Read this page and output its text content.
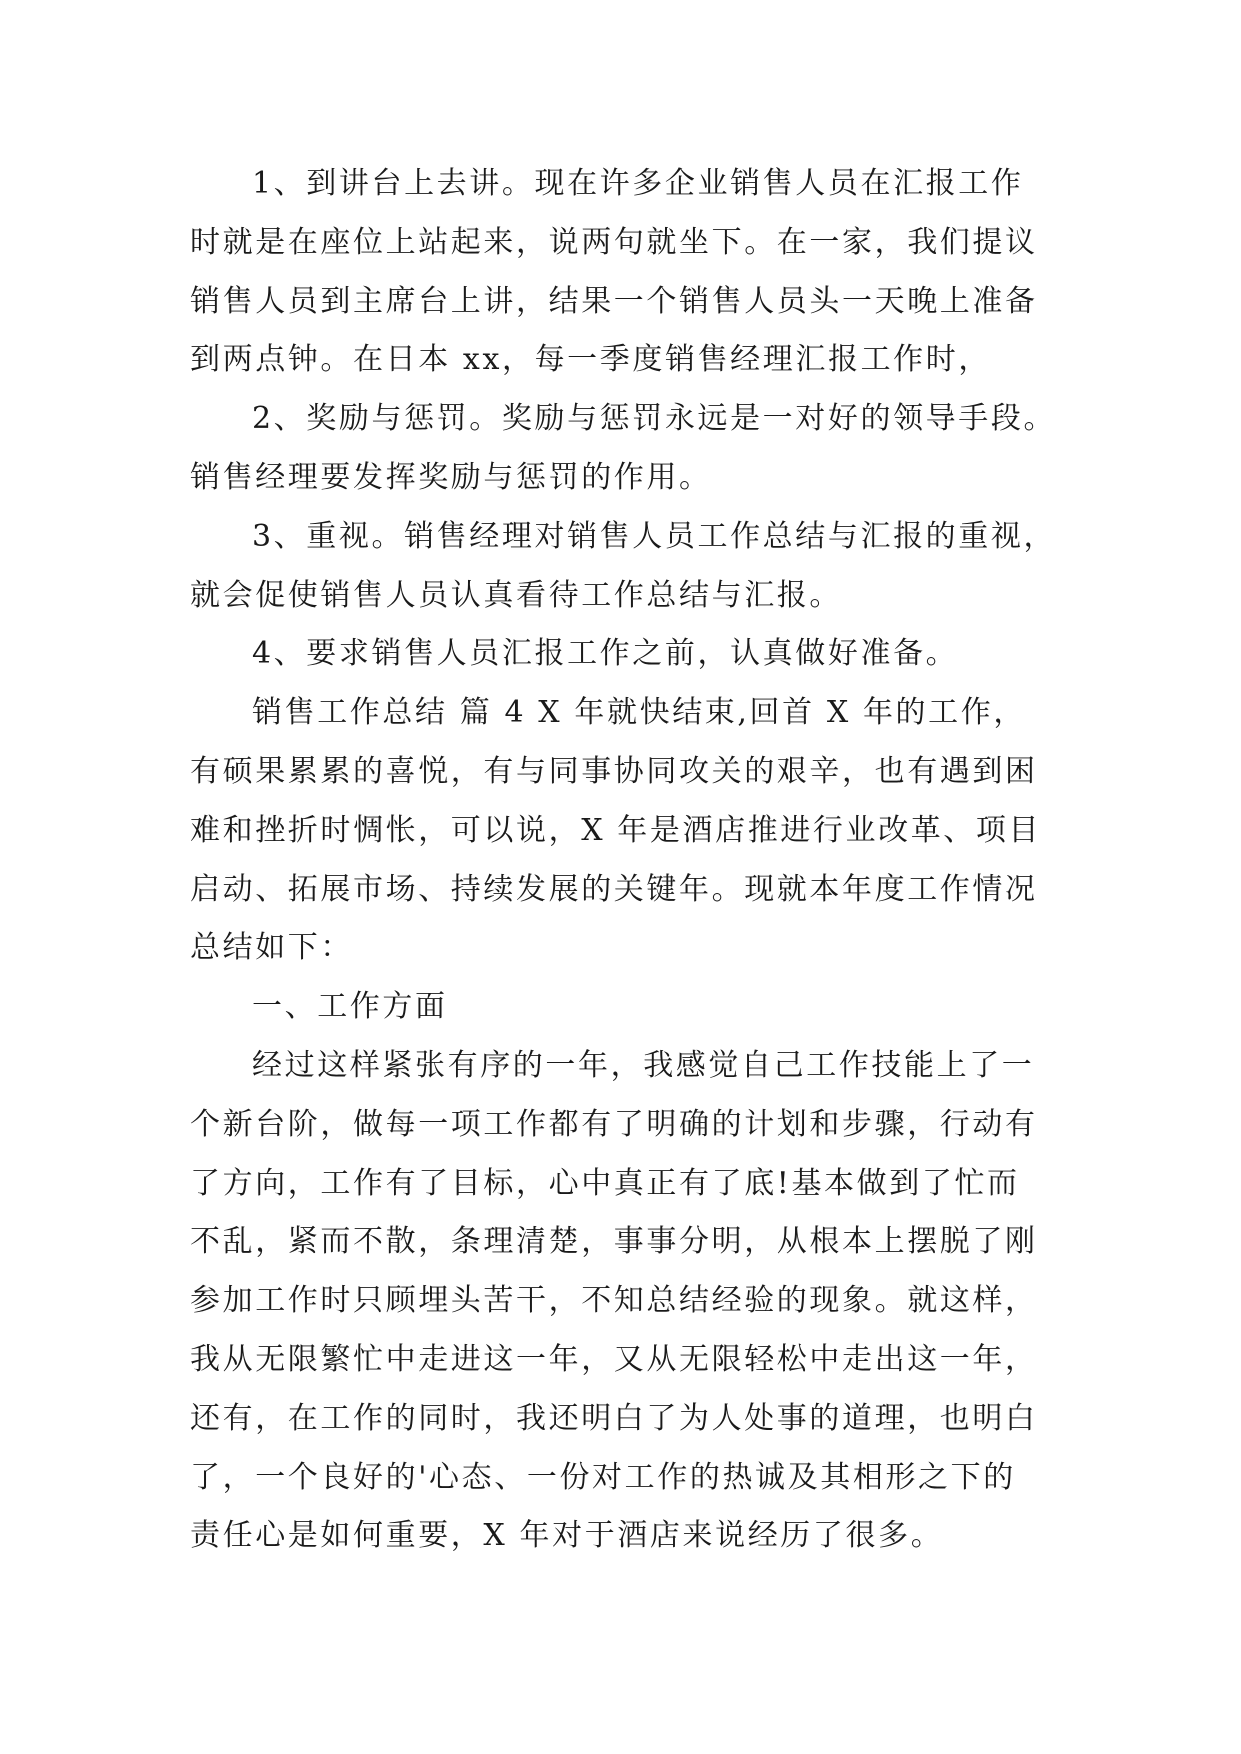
1、到讲台上去讲。现在许多企业销售人员在汇报工作
时就是在座位上站起来，说两句就坐下。在一家，我们提议
销售人员到主席台上讲，结果一个销售人员头一天晚上准备
到两点钟。在日本 xx，每一季度销售经理汇报工作时，
2、奖励与惩罚。奖励与惩罚永远是一对好的领导手段。
销售经理要发挥奖励与惩罚的作用。
3、重视。销售经理对销售人员工作总结与汇报的重视，
就会促使销售人员认真看待工作总结与汇报。
4、要求销售人员汇报工作之前，认真做好准备。
销售工作总结 篇 4 X 年就快结束,回首 X 年的工作，
有硕果累累的喜悦，有与同事协同攻关的艰辛，也有遇到困
难和挫折时惆怅，可以说，X 年是酒店推进行业改革、项目
启动、拓展市场、持续发展的关键年。现就本年度工作情况
总结如下：
一、工作方面
经过这样紧张有序的一年，我感觉自己工作技能上了一
个新台阶，做每一项工作都有了明确的计划和步骤，行动有
了方向，工作有了目标，心中真正有了底!基本做到了忙而
不乱，紧而不散，条理清楚，事事分明，从根本上摆脱了刚
参加工作时只顾埋头苦干，不知总结经验的现象。就这样，
我从无限繁忙中走进这一年，又从无限轻松中走出这一年，
还有，在工作的同时，我还明白了为人处事的道理，也明白
了，一个良好的'心态、一份对工作的热诚及其相形之下的
责任心是如何重要，X 年对于酒店来说经历了很多。
